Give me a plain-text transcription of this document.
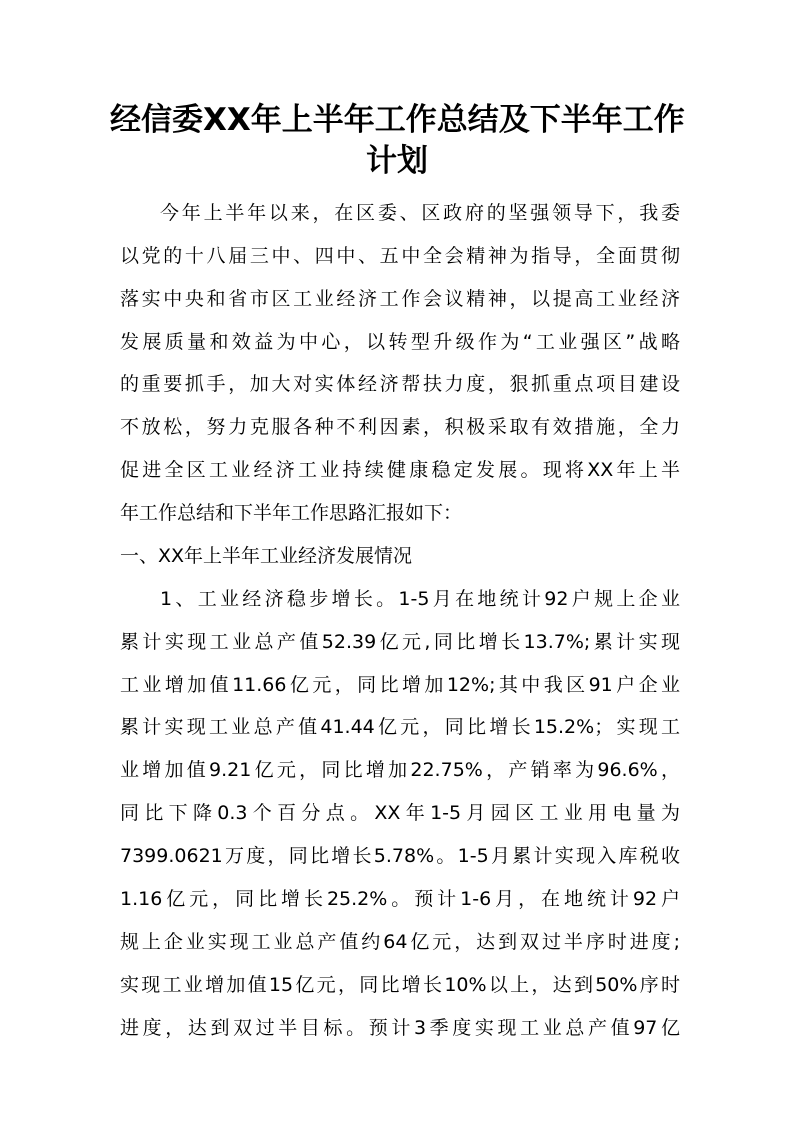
经信委XX年上半年工作总结及下半年工作
计划

今年上半年以来，在区委、区政府的坚强领导下，我委

以党的十八届三中、四中、五中全会精神为指导，全面贯彻

落实中央和省市区工业经济工作会议精神，以提高工业经济

发展质量和效益为中心，以转型升级作为“工业强区”战略

的重要抓手，加大对实体经济帮扶力度，狠抓重点项目建设

不放松，努力克服各种不利因素，积极采取有效措施，全力

促进全区工业经济工业持续健康稳定发展。现将XX年上半

年工作总结和下半年工作思路汇报如下：

一、XX年上半年工业经济发展情况

1、工业经济稳步增长。1-5月在地统计92户规上企业

累计实现工业总产值52.39亿元,同比增长13.7%;累计实现

工业增加值11.66亿元，同比增加12%;其中我区91户企业

累计实现工业总产值41.44亿元，同比增长15.2%；实现工

业增加值9.21亿元，同比增加22.75%，产销率为96.6%，

同比下降0.3个百分点。XX年1-5月园区工业用电量为

7399.0621万度，同比增长5.78%。1-5月累计实现入库税收

1.16亿元，同比增长25.2%。预计1-6月，在地统计92户

规上企业实现工业总产值约64亿元，达到双过半序时进度;

实现工业增加值15亿元，同比增长10%以上，达到50%序时

进度，达到双过半目标。预计3季度实现工业总产值97亿
